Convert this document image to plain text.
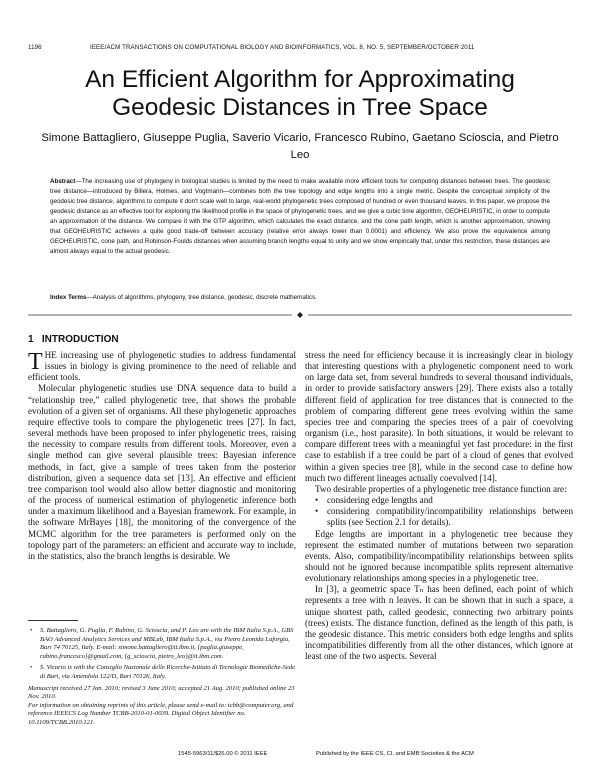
1196	IEEE/ACM TRANSACTIONS ON COMPUTATIONAL BIOLOGY AND BIOINFORMATICS, VOL. 8, NO. 5, SEPTEMBER/OCTOBER 2011
An Efficient Algorithm for Approximating Geodesic Distances in Tree Space
Simone Battagliero, Giuseppe Puglia, Saverio Vicario, Francesco Rubino, Gaetano Sciosciа, and Pietro Leo
Abstract—The increasing use of phylogeny in biological studies is limited by the need to make available more efficient tools for computing distances between trees. The geodesic tree distance—introduced by Billera, Holmes, and Vogtmann—combines both the tree topology and edge lengths into a single metric. Despite the conceptual simplicity of the geodesic tree distance, algorithms to compute it don't scale well to large, real-world phylogenetic trees composed of hundred or even thousand leaves. In this paper, we propose the geodesic distance as an effective tool for exploring the likelihood profile in the space of phylogenetic trees, and we give a cubic time algorithm, GEOHEURISTIC, in order to compute an approximation of the distance. We compare it with the GTP algorithm, which calculates the exact distance, and the cone path length, which is another approximation, showing that GEOHEURISTIC achieves a quite good trade-off between accuracy (relative error always lower than 0.0001) and efficiency. We also prove the equivalence among GEOHEURISTIC, cone path, and Robinson-Foulds distances when assuming branch lengths equal to unity and we show empirically that, under this restriction, these distances are almost always equal to the actual geodesic.
Index Terms—Analysis of algorithms, phylogeny, tree distance, geodesic, discrete mathematics.
1 INTRODUCTION

THE increasing use of phylogenetic studies to address fundamental issues in biology is giving prominence to the need of reliable and efficient tools.

Molecular phylogenetic studies use DNA sequence data to build a “relationship tree,” called phylogenetic tree, that shows the probable evolution of a given set of organisms. All these phylogenetic approaches require effective tools to compare the phylogenetic trees [27]. In fact, several methods have been proposed to infer phylogenetic trees, raising the necessity to compare results from different tools. Moreover, even a single method can give several plausible trees: Bayesian inference methods, in fact, give a sample of trees taken from the posterior distribution, given a sequence data set [13]. An effective and efficient tree comparison tool would also allow better diagnostic and monitoring of the process of numerical estimation of phylogenetic inference both under a maximum likelihood and a Bayesian framework. For example, in the software MrBayes [18], the monitoring of the convergence of the MCMC algorithm for the tree parameters is performed only on the topology part of the parameters: an efficient and accurate way to include, in the statistics, also the branch lengths is desirable. We

stress the need for efficiency because it is increasingly clear in biology that interesting questions with a phylogenetic component need to work on large data set, from several hundreds to several thousand individuals, in order to provide satisfactory answers [29]. There exists also a totally different field of application for tree distances that is connected to the problem of comparing different gene trees evolving within the same species tree and comparing the species trees of a pair of coevolving organism (i.e., host parasite). In both situations, it would be relevant to compare different trees with a meaningful yet fast procedure: in the first case to establish if a tree could be part of a cloud of genes that evolved within a given species tree [8], while in the second case to define how much two different lineages actually coevolved [14].

Two desirable properties of a phylogenetic tree distance function are:

• considering edge lengths and
• considering compatibility/incompatibility relationships between splits (see Section 2.1 for details).

Edge lengths are important in a phylogenetic tree because they represent the estimated number of mutations between two separation events. Also, compatibility/incompatibility relationships between splits should not be ignored because incompatible splits represent alternative evolutionary relationships among species in a phylogenetic tree.

In [3], a geometric space Tₙ has been defined, each point of which represents a tree with n leaves. It can be shown that in such a space, a unique shortest path, called geodesic, connecting two arbitrary points (trees) exists. The distance function, defined as the length of this path, is the geodesic distance. This metric considers both edge lengths and splits incompatibilities differently from all the other distances, which ignore at least one of the two aspects. Several

• S. Battagliero, G. Puglia, F. Rubino, G. Sciosciа, and P. Leo are with the IBM Italia S.p.A., GBS BAO Advanced Analytics Services and MBLab, IBM Italia S.p.A., via Pietro Leonida Laforgia, Bari 74 70125, Italy. E-mail: simone.battagliero@it.ibm.it, {puglia.giuseppe, rubino.francesco}@gmail.com, {g_sciosciа, pietro_leo}@it.ibm.com.
• S. Vicario is with the Consiglio Nazionale delle Ricerche-Istituto di Tecnologie Biomediche-Sede di Bari, via Amendola 122/D, Bari 70126, Italy.

Manuscript received 27 Jan. 2010; revised 3 June 2010; accepted 21 Aug. 2010; published online 23 Nov. 2010.

For information on obtaining reprints of this article, please send e-mail to: tcbb@computer.org, and reference IEEECS Log Number TCBB-2010-01-0039. Digital Object Identifier no. 10.1109/TCBB.2010.121.

1545-5963/11/$26.00 © 2011 IEEE	Published by the IEEE CS, CI, and EMB Societies & the ACM
